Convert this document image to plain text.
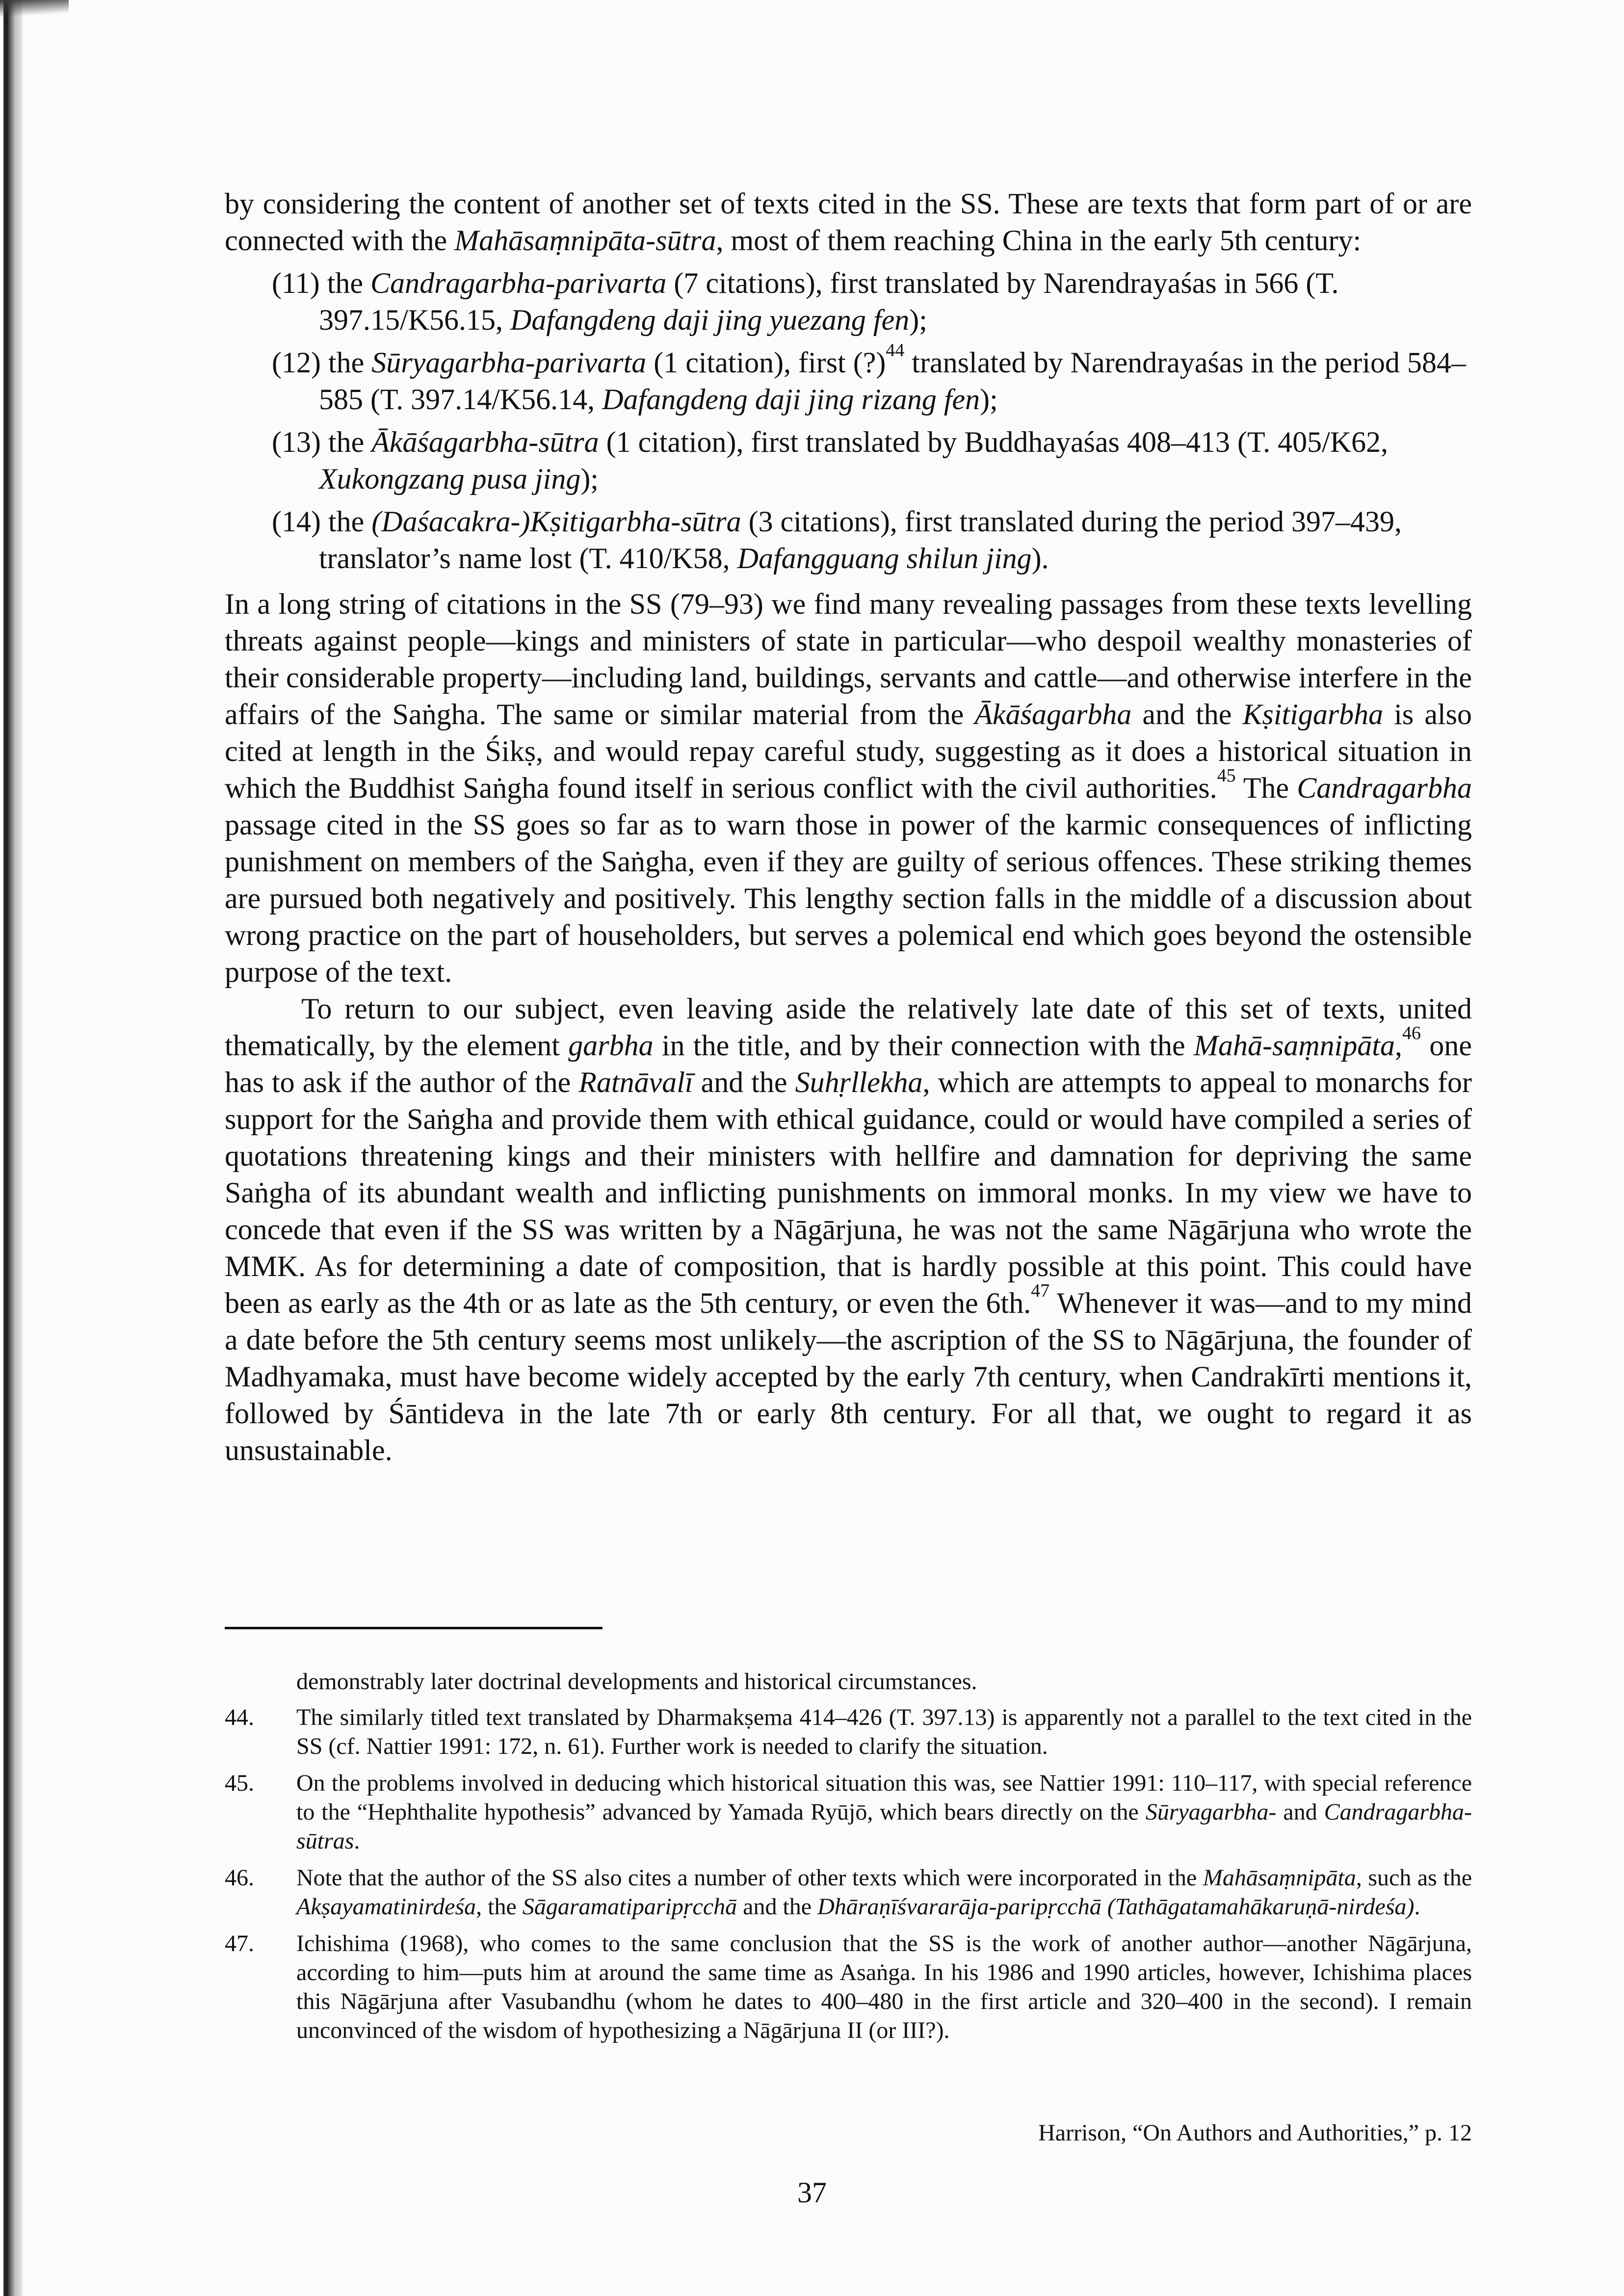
by considering the content of another set of texts cited in the SS. These are texts that form part of or are connected with the Mahāsaṃnipāta-sūtra, most of them reaching China in the early 5th century:

(11) the Candragarbha-parivarta (7 citations), first translated by Narendrayaśas in 566 (T. 397.15/K56.15, Dafangdeng daji jing yuezang fen);
(12) the Sūryagarbha-parivarta (1 citation), first (?)$^{44}$ translated by Narendrayaśas in the period 584–585 (T. 397.14/K56.14, Dafangdeng daji jing rizang fen);
(13) the Ākāśagarbha-sūtra (1 citation), first translated by Buddhayaśas 408–413 (T. 405/K62, Xukongzang pusa jing);
(14) the (Daśacakra-)Kṣitigarbha-sūtra (3 citations), first translated during the period 397–439, translator’s name lost (T. 410/K58, Dafangguang shilun jing).

In a long string of citations in the SS (79–93) we find many revealing passages from these texts levelling threats against people—kings and ministers of state in particular—who despoil wealthy monasteries of their considerable property—including land, buildings, servants and cattle—and otherwise interfere in the affairs of the Saṅgha. The same or similar material from the Ākāśagarbha and the Kṣitigarbha is also cited at length in the Śikṣ, and would repay careful study, suggesting as it does a historical situation in which the Buddhist Saṅgha found itself in serious conflict with the civil authorities.$^{45}$ The Candragarbha passage cited in the SS goes so far as to warn those in power of the karmic consequences of inflicting punishment on members of the Saṅgha, even if they are guilty of serious offences. These striking themes are pursued both negatively and positively. This lengthy section falls in the middle of a discussion about wrong practice on the part of householders, but serves a polemical end which goes beyond the ostensible purpose of the text.

To return to our subject, even leaving aside the relatively late date of this set of texts, united thematically, by the element garbha in the title, and by their connection with the Mahā-saṃnipāta,$^{46}$ one has to ask if the author of the Ratnāvalī and the Suhṛllekha, which are attempts to appeal to monarchs for support for the Saṅgha and provide them with ethical guidance, could or would have compiled a series of quotations threatening kings and their ministers with hellfire and damnation for depriving the same Saṅgha of its abundant wealth and inflicting punishments on immoral monks. In my view we have to concede that even if the SS was written by a Nāgārjuna, he was not the same Nāgārjuna who wrote the MMK. As for determining a date of composition, that is hardly possible at this point. This could have been as early as the 4th or as late as the 5th century, or even the 6th.$^{47}$ Whenever it was—and to my mind a date before the 5th century seems most unlikely—the ascription of the SS to Nāgārjuna, the founder of Madhyamaka, must have become widely accepted by the early 7th century, when Candrakīrti mentions it, followed by Śāntideva in the late 7th or early 8th century. For all that, we ought to regard it as unsustainable.

demonstrably later doctrinal developments and historical circumstances.

44.	The similarly titled text translated by Dharmakṣema 414–426 (T. 397.13) is apparently not a parallel to the text cited in the SS (cf. Nattier 1991: 172, n. 61). Further work is needed to clarify the situation.
45.	On the problems involved in deducing which historical situation this was, see Nattier 1991: 110–117, with special reference to the “Hephthalite hypothesis” advanced by Yamada Ryūjō, which bears directly on the Sūryagarbha- and Candragarbha-sūtras.
46.	Note that the author of the SS also cites a number of other texts which were incorporated in the Mahāsaṃnipāta, such as the Akṣayamatinirdeśa, the Sāgaramatiparipṛcchā and the Dhāraṇīśvararāja-paripṛcchā (Tathāgatamahākaruṇā-nirdeśa).
47.	Ichishima (1968), who comes to the same conclusion that the SS is the work of another author—another Nāgārjuna, according to him—puts him at around the same time as Asaṅga. In his 1986 and 1990 articles, however, Ichishima places this Nāgārjuna after Vasubandhu (whom he dates to 400–480 in the first article and 320–400 in the second). I remain unconvinced of the wisdom of hypothesizing a Nāgārjuna II (or III?).
Harrison, “On Authors and Authorities,” p. 12
37
